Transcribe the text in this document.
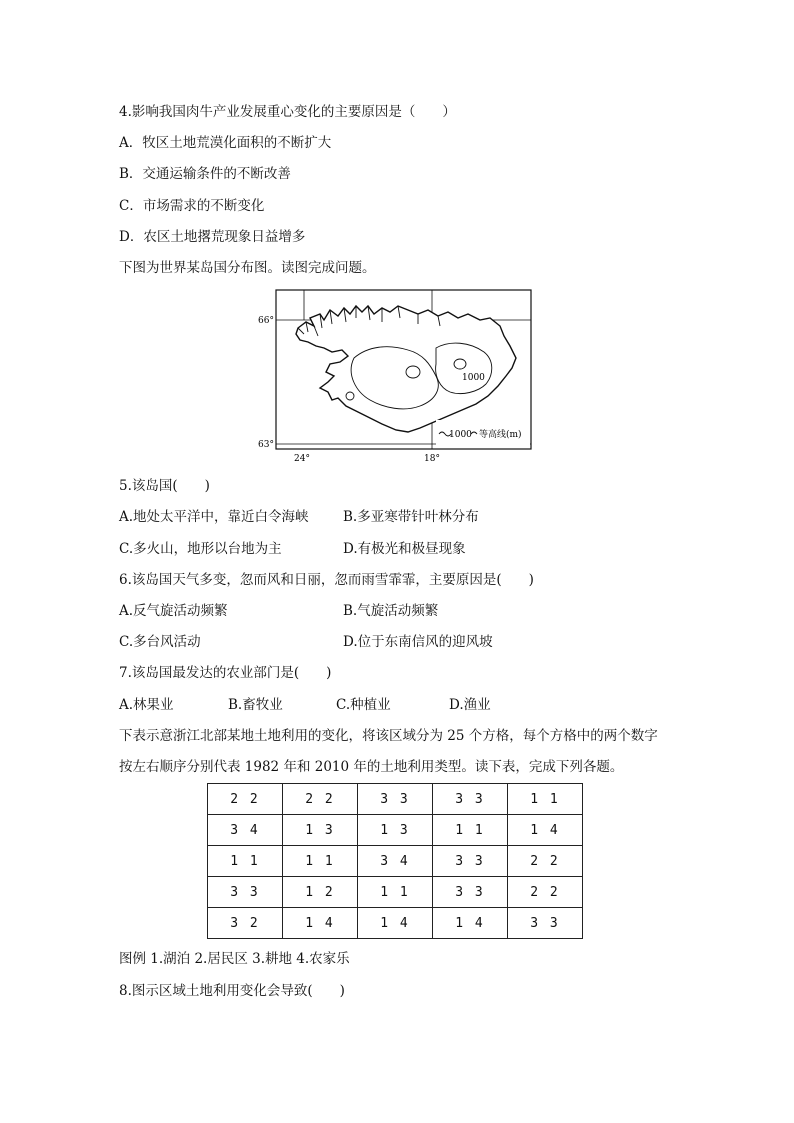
4.影响我国肉牛产业发展重心变化的主要原因是（　　）
A．牧区土地荒漠化面积的不断扩大
B．交通运输条件的不断改善
C．市场需求的不断变化
D．农区土地撂荒现象日益增多
下图为世界某岛国分布图。读图完成问题。
1000 等高线(m)
1000
66°
63°
24°	18°
5.该岛国(　　)
A.地处太平洋中，靠近白令海峡	B.多亚寒带针叶林分布
C.多火山，地形以台地为主	D.有极光和极昼现象
6.该岛国天气多变，忽而风和日丽，忽而雨雪霏霏，主要原因是(　　)
A.反气旋活动频繁	B.气旋活动频繁
C.多台风活动	D.位于东南信风的迎风坡
7.该岛国最发达的农业部门是(　　)
A.林果业	B.畜牧业	C.种植业	D.渔业
下表示意浙江北部某地土地利用的变化，将该区域分为 25 个方格，每个方格中的两个数字
按左右顺序分别代表 1982 年和 2010 年的土地利用类型。读下表，完成下列各题。
2 2	2 2	3 3	3 3	1 1
3 4	1 3	1 3	1 1	1 4
1 1	1 1	3 4	3 3	2 2
3 3	1 2	1 1	3 3	2 2
3 2	1 4	1 4	1 4	3 3
图例 1.湖泊 2.居民区 3.耕地 4.农家乐
8.图示区域土地利用变化会导致(　　)
